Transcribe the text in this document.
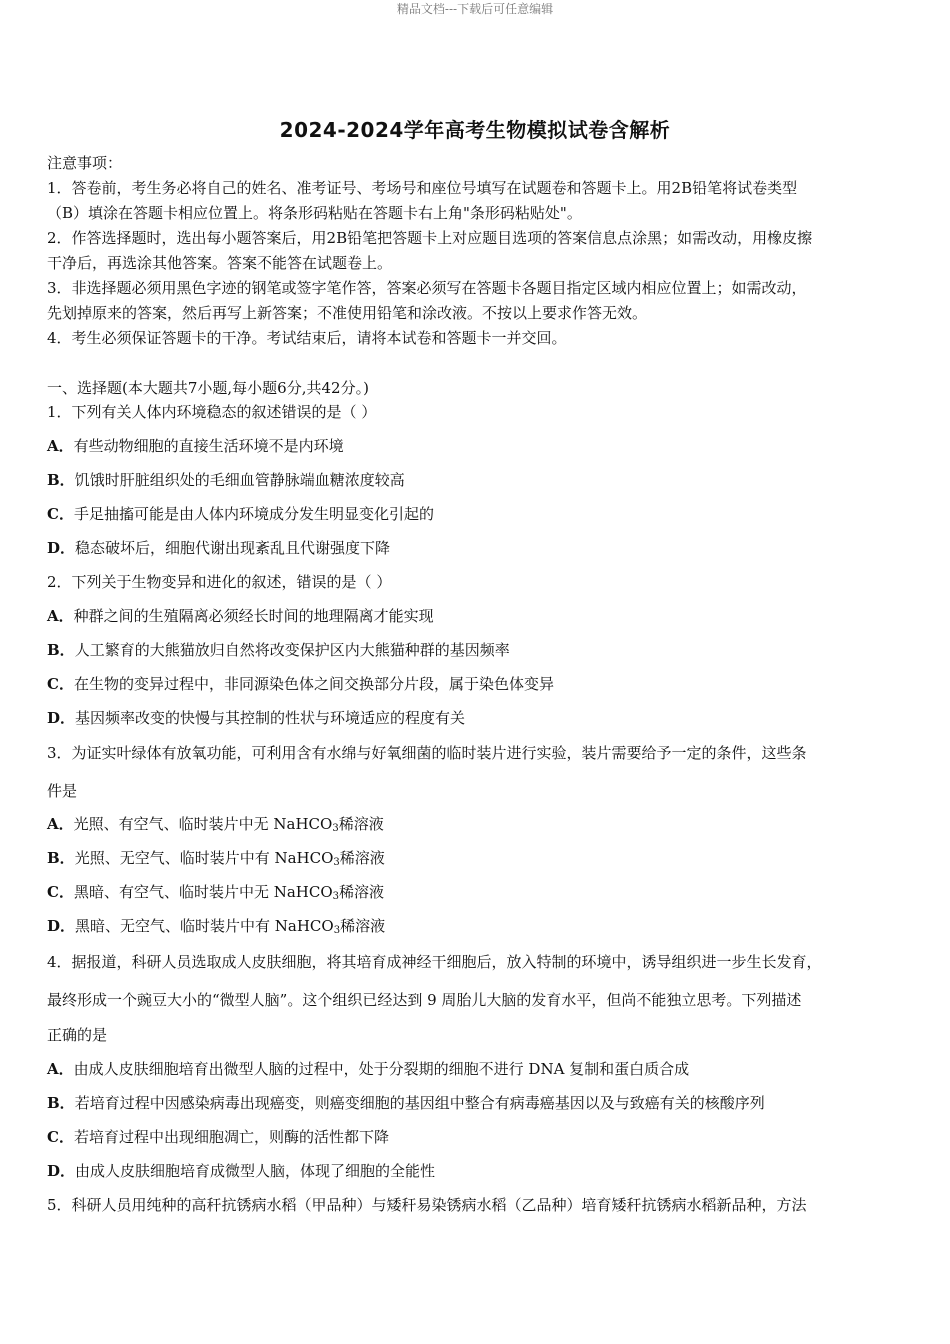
精品文档---下载后可任意编辑
2024-2024学年高考生物模拟试卷含解析
注意事项：
1．答卷前，考生务必将自己的姓名、准考证号、考场号和座位号填写在试题卷和答题卡上。用2B铅笔将试卷类型
（B）填涂在答题卡相应位置上。将条形码粘贴在答题卡右上角"条形码粘贴处"。
2．作答选择题时，选出每小题答案后，用2B铅笔把答题卡上对应题目选项的答案信息点涂黑；如需改动，用橡皮擦
干净后，再选涂其他答案。答案不能答在试题卷上。
3．非选择题必须用黑色字迹的钢笔或签字笔作答，答案必须写在答题卡各题目指定区域内相应位置上；如需改动，
先划掉原来的答案，然后再写上新答案；不准使用铅笔和涂改液。不按以上要求作答无效。
4．考生必须保证答题卡的干净。考试结束后，请将本试卷和答题卡一并交回。
一、选择题(本大题共7小题,每小题6分,共42分。)
1．下列有关人体内环境稳态的叙述错误的是（ ）
A．有些动物细胞的直接生活环境不是内环境
B．饥饿时肝脏组织处的毛细血管静脉端血糖浓度较高
C．手足抽搐可能是由人体内环境成分发生明显变化引起的
D．稳态破坏后，细胞代谢出现紊乱且代谢强度下降
2．下列关于生物变异和进化的叙述，错误的是（ ）
A．种群之间的生殖隔离必须经长时间的地理隔离才能实现
B．人工繁育的大熊猫放归自然将改变保护区内大熊猫种群的基因频率
C．在生物的变异过程中，非同源染色体之间交换部分片段，属于染色体变异
D．基因频率改变的快慢与其控制的性状与环境适应的程度有关
3．为证实叶绿体有放氧功能，可利用含有水绵与好氧细菌的临时装片进行实验，装片需要给予一定的条件，这些条
件是
A．光照、有空气、临时装片中无 NaHCO$_3$稀溶液
B．光照、无空气、临时装片中有 NaHCO$_3$稀溶液
C．黑暗、有空气、临时装片中无 NaHCO$_3$稀溶液
D．黑暗、无空气、临时装片中有 NaHCO$_3$稀溶液
4．据报道，科研人员选取成人皮肤细胞，将其培育成神经干细胞后，放入特制的环境中，诱导组织进一步生长发育，
最终形成一个豌豆大小的“微型人脑”。这个组织已经达到 9 周胎儿大脑的发育水平，但尚不能独立思考。下列描述
正确的是
A．由成人皮肤细胞培育出微型人脑的过程中，处于分裂期的细胞不进行 DNA 复制和蛋白质合成
B．若培育过程中因感染病毒出现癌变，则癌变细胞的基因组中整合有病毒癌基因以及与致癌有关的核酸序列
C．若培育过程中出现细胞凋亡，则酶的活性都下降
D．由成人皮肤细胞培育成微型人脑，体现了细胞的全能性
5．科研人员用纯种的高秆抗锈病水稻（甲品种）与矮秆易染锈病水稻（乙品种）培育矮秆抗锈病水稻新品种，方法
